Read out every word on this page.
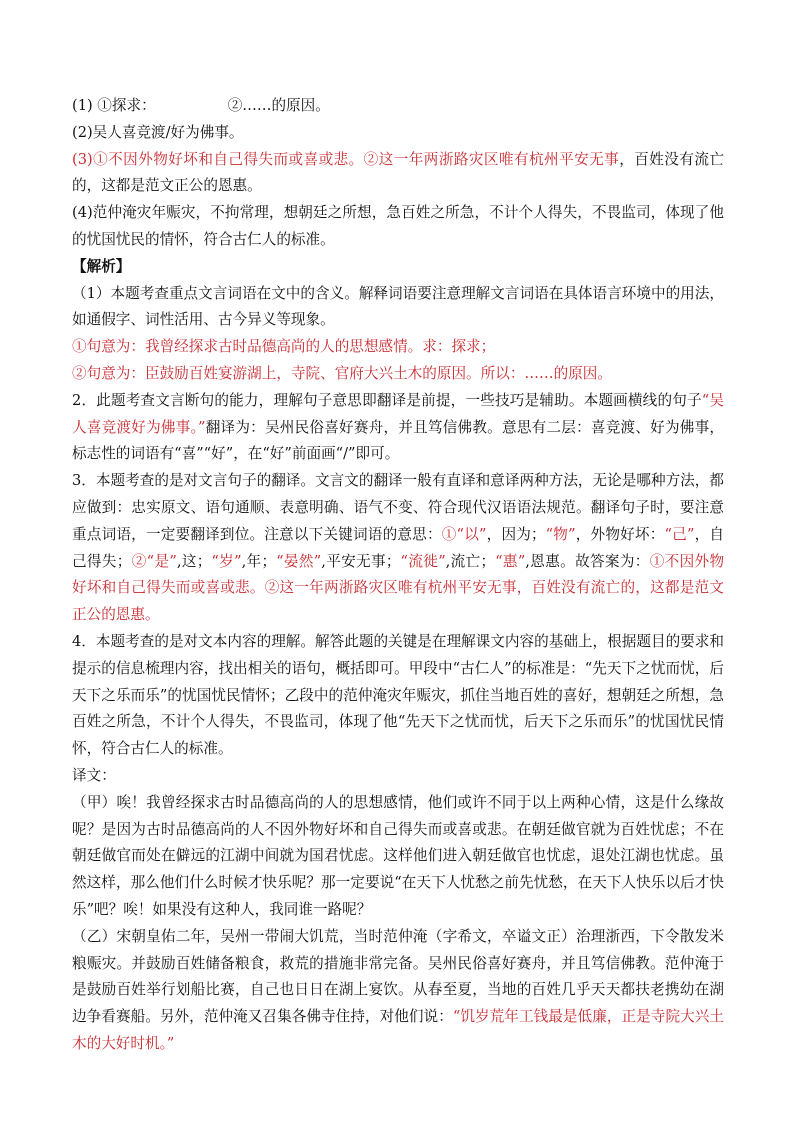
(1) ①探求：	②……的原因。

(2)吴人喜竞渡/好为佛事。

(3)①不因外物好坏和自己得失而或喜或悲。②这一年两浙路灾区唯有杭州平安无事，百姓没有流亡的，这都是范文正公的恩惠。

(4)范仲淹灾年赈灾，不拘常理，想朝廷之所想，急百姓之所急，不计个人得失，不畏监司，体现了他的忧国忧民的情怀，符合古仁人的标准。

【解析】

（1）本题考查重点文言词语在文中的含义。解释词语要注意理解文言词语在具体语言环境中的用法，如通假字、词性活用、古今异义等现象。

①句意为：我曾经探求古时品德高尚的人的思想感情。求：探求；

②句意为：臣鼓励百姓宴游湖上，寺院、官府大兴土木的原因。所以：……的原因。

2．此题考查文言断句的能力，理解句子意思即翻译是前提，一些技巧是辅助。本题画横线的句子“吴人喜竞渡好为佛事。”翻译为：吴州民俗喜好赛舟，并且笃信佛教。意思有二层：喜竞渡、好为佛事，标志性的词语有“喜”“好”，在“好”前面画“/”即可。

3．本题考查的是对文言句子的翻译。文言文的翻译一般有直译和意译两种方法，无论是哪种方法，都应做到：忠实原文、语句通顺、表意明确、语气不变、符合现代汉语语法规范。翻译句子时，要注意重点词语，一定要翻译到位。注意以下关键词语的意思：①“以”，因为；“物”，外物好坏：“己”，自己得失；②“是”,这；“岁”,年；“晏然”,平安无事；“流徙”,流亡；“惠”,恩惠。故答案为：①不因外物好坏和自己得失而或喜或悲。②这一年两浙路灾区唯有杭州平安无事，百姓没有流亡的，这都是范文正公的恩惠。

4．本题考查的是对文本内容的理解。解答此题的关键是在理解课文内容的基础上，根据题目的要求和提示的信息梳理内容，找出相关的语句，概括即可。甲段中“古仁人”的标准是：“先天下之忧而忧，后天下之乐而乐”的忧国忧民情怀；乙段中的范仲淹灾年赈灾，抓住当地百姓的喜好，想朝廷之所想，急百姓之所急，不计个人得失，不畏监司，体现了他“先天下之忧而忧，后天下之乐而乐”的忧国忧民情怀，符合古仁人的标准。

译文：

（甲）唉！我曾经探求古时品德高尚的人的思想感情，他们或许不同于以上两种心情，这是什么缘故呢？是因为古时品德高尚的人不因外物好坏和自己得失而或喜或悲。在朝廷做官就为百姓忧虑；不在朝廷做官而处在僻远的江湖中间就为国君忧虑。这样他们进入朝廷做官也忧虑，退处江湖也忧虑。虽然这样，那么他们什么时候才快乐呢？那一定要说“在天下人忧愁之前先忧愁，在天下人快乐以后才快乐”吧？唉！如果没有这种人，我同谁一路呢？

（乙）宋朝皇佑二年，吴州一带闹大饥荒，当时范仲淹（字希文，卒谥文正）治理浙西，下令散发米粮赈灾。并鼓励百姓储备粮食，救荒的措施非常完备。吴州民俗喜好赛舟，并且笃信佛教。范仲淹于是鼓励百姓举行划船比赛，自己也日日在湖上宴饮。从春至夏，当地的百姓几乎天天都扶老携幼在湖边争看赛船。另外，范仲淹又召集各佛寺住持，对他们说：“饥岁荒年工钱最是低廉，正是寺院大兴土木的大好时机。”
